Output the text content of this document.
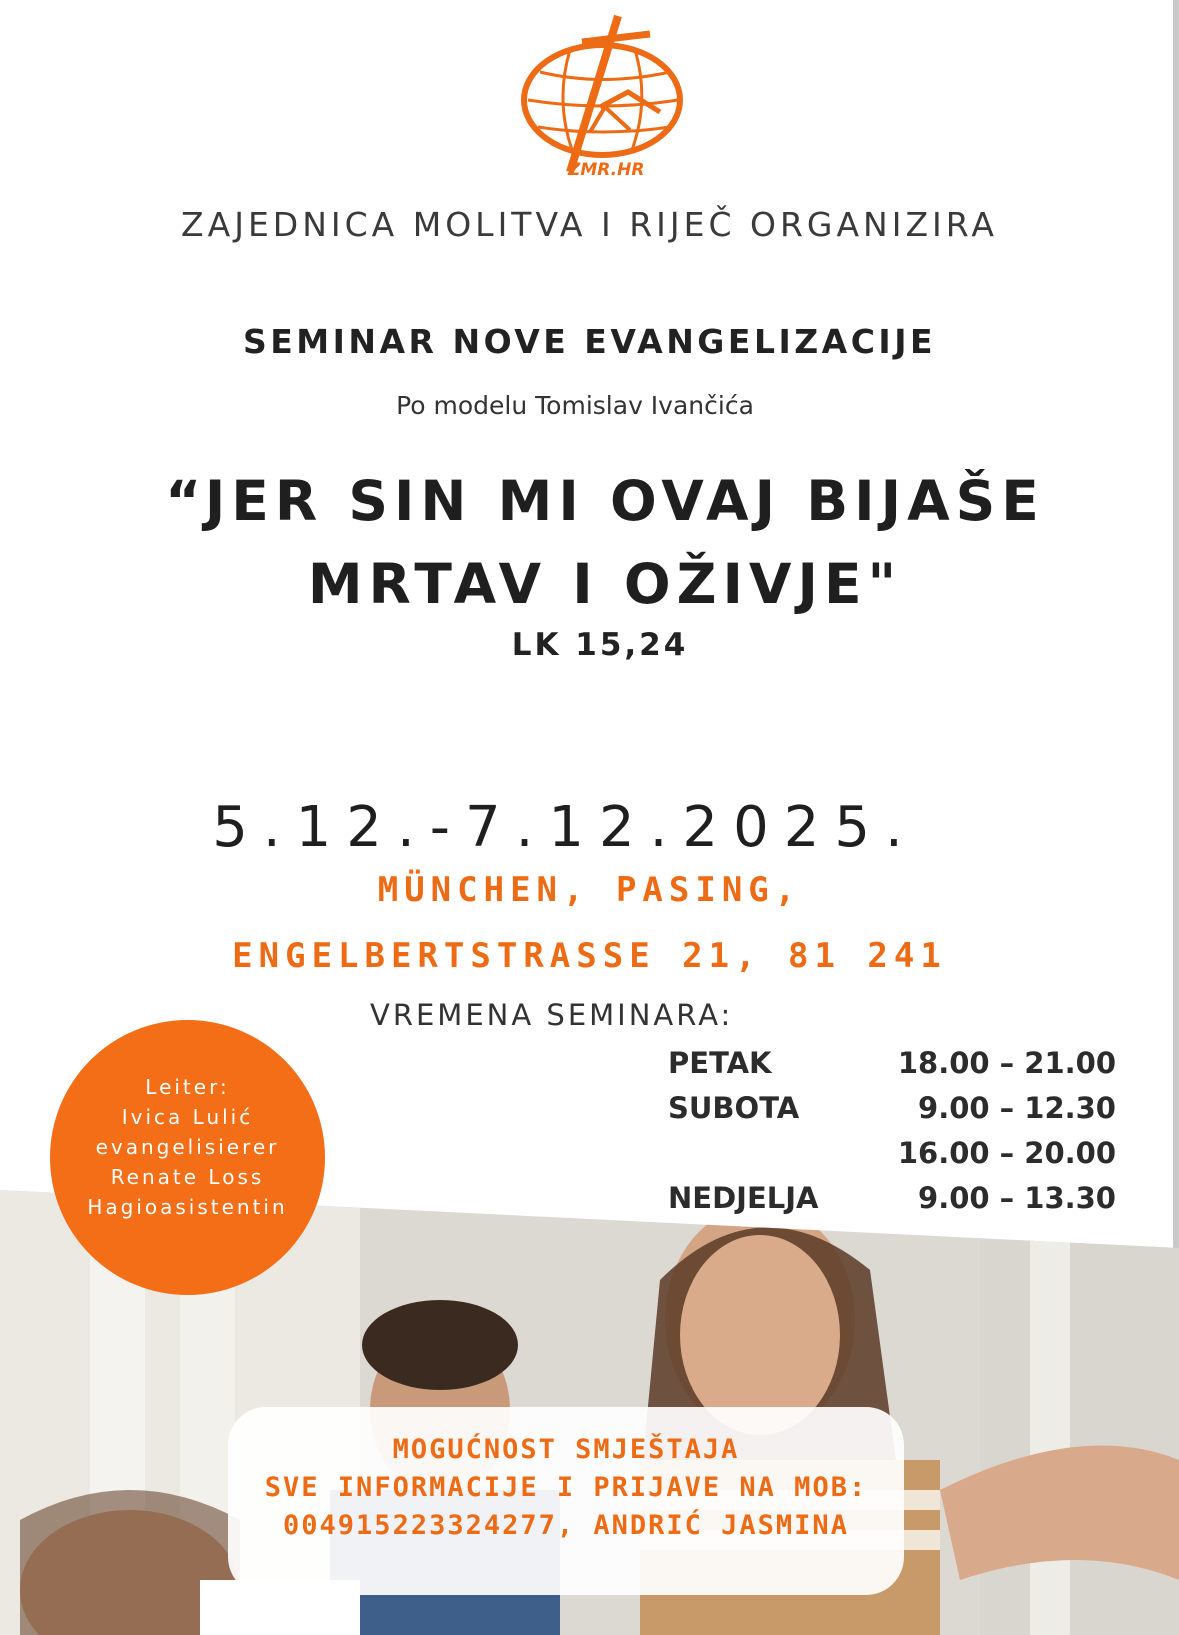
ZMR.HR
ZAJEDNICA MOLITVA I RIJEČ ORGANIZIRA
SEMINAR NOVE EVANGELIZACIJE
Po modelu Tomislav Ivančića
“JER SIN MI OVAJ BIJAŠE
MRTAV I OŽIVJE"
LK 15,24
5.12.-7.12.2025.
MÜNCHEN, PASING,
ENGELBERTSTRASSE 21, 81 241
VREMENA SEMINARA:
Leiter:
Ivica Lulić
evangelisierer
Renate Loss
Hagioasistentin
PETAK	18.00 – 21.00
SUBOTA	9.00 – 12.30
16.00 – 20.00
NEDJELJA	9.00 – 13.30
MOGUĆNOST SMJEŠTAJA
SVE INFORMACIJE I PRIJAVE NA MOB:
004915223324277, ANDRIĆ JASMINA
